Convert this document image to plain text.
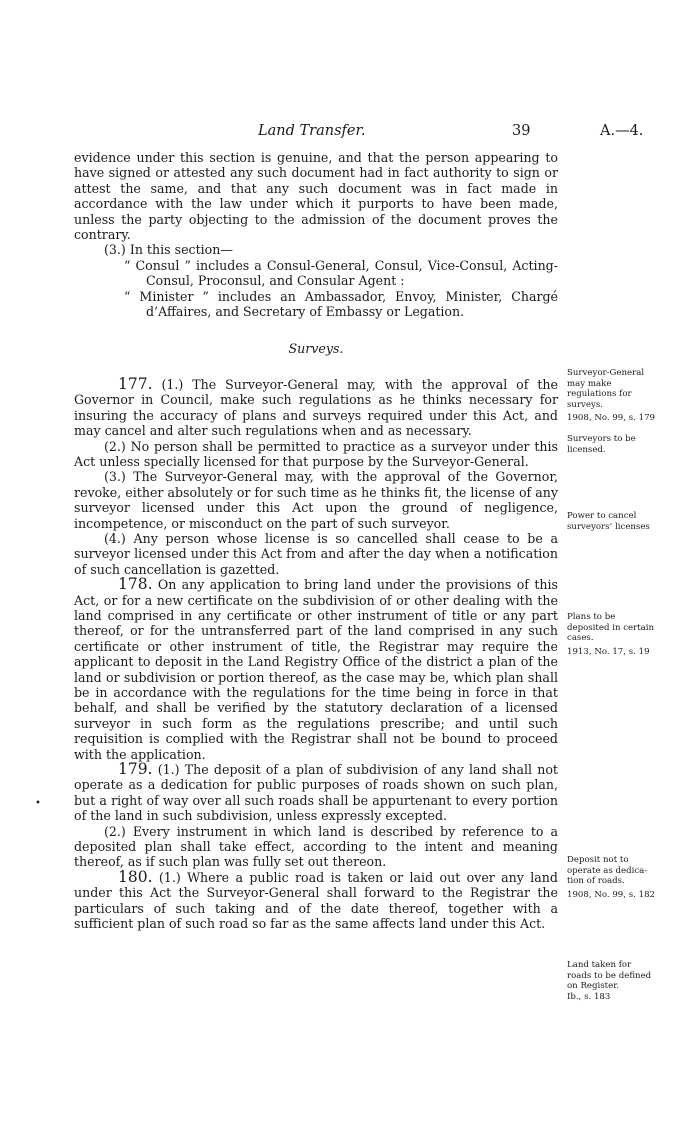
Land Transfer.	39	A.—4.

evidence under this section is genuine, and that the person appearing to have signed or attested any such document had in fact authority to sign or attest the same, and that any such document was in fact made in accordance with the law under which it purports to have been made, unless the party objecting to the admission of the document proves the contrary.

(3.) In this section—

“ Consul ” includes a Consul-General, Consul, Vice-Consul, Acting-Consul, Proconsul, and Consular Agent :

“ Minister ” includes an Ambassador, Envoy, Minister, Chargé d’Affaires, and Secretary of Embassy or Legation.

Surveys.

177. (1.) The Surveyor-General may, with the approval of the Governor in Council, make such regulations as he thinks necessary for insuring the accuracy of plans and surveys required under this Act, and may cancel and alter such regulations when and as necessary.

(2.) No person shall be permitted to practice as a surveyor under this Act unless specially licensed for that purpose by the Surveyor-General.

(3.) The Surveyor-General may, with the approval of the Governor, revoke, either absolutely or for such time as he thinks fit, the license of any surveyor licensed under this Act upon the ground of negligence, incompetence, or misconduct on the part of such surveyor.

(4.) Any person whose license is so cancelled shall cease to be a surveyor licensed under this Act from and after the day when a notification of such cancellation is gazetted.

178. On any application to bring land under the provisions of this Act, or for a new certificate on the subdivision of or other dealing with the land comprised in any certificate or other instrument of title or any part thereof, or for the untransferred part of the land comprised in any such certificate or other instrument of title, the Registrar may require the applicant to deposit in the Land Registry Office of the district a plan of the land or subdivision or portion thereof, as the case may be, which plan shall be in accordance with the regulations for the time being in force in that behalf, and shall be verified by the statutory declaration of a licensed surveyor in such form as the regulations prescribe; and until such requisition is complied with the Registrar shall not be bound to proceed with the application.

179. (1.) The deposit of a plan of subdivision of any land shall not operate as a dedication for public purposes of roads shown on such plan, but a right of way over all such roads shall be appurtenant to every portion of the land in such subdivision, unless expressly excepted.

(2.) Every instrument in which land is described by reference to a deposited plan shall take effect, according to the intent and meaning thereof, as if such plan was fully set out thereon.

180. (1.) Where a public road is taken or laid out over any land under this Act the Surveyor-General shall forward to the Registrar the particulars of such taking and of the date thereof, together with a sufficient plan of such road so far as the same affects land under this Act.

Surveyor-General
may make
regulations for
surveys.
1908, No. 99, s. 179
Surveyors to be
licensed.
Power to cancel
surveyors’ licenses
Plans to be
deposited in certain
cases.
1913, No. 17, s. 19
Deposit not to
operate as dedica-
tion of roads.
1908, No. 99, s. 182
Land taken for
roads to be defined
on Register.
Ib., s. 183
•
